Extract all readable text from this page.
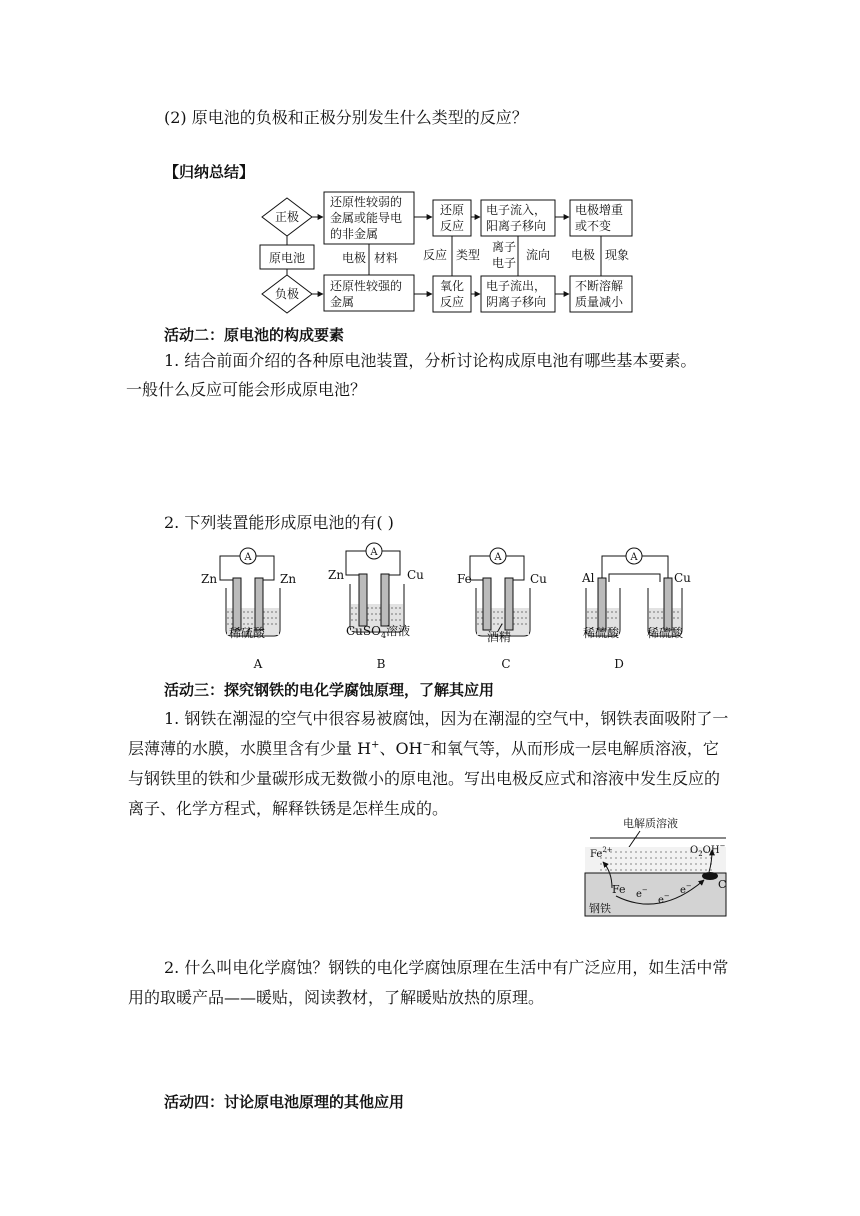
(2) 原电池的负极和正极分别发生什么类型的反应？
【归纳总结】
正极
原电池
负极
还原性较弱的
金属或能导电
的非金属
还原性较强的
金属
电极 材料
还原
反应
氧化
反应
反应 类型
电子流入，
阳离子移向
电子流出，
阴离子移向
离子
电子
流向
电极增重
或不变
不断溶解
质量减小
电极 现象
活动二：原电池的构成要素
1. 结合前面介绍的各种原电池装置，分析讨论构成原电池有哪些基本要素。
一般什么反应可能会形成原电池？
2. 下列装置能形成原电池的有( )
A
Zn	Zn
稀硫酸
A
Zn	Cu
CuSO$_4$溶液
A
Fe	Cu
酒精
A
Al	Cu
稀硫酸 稀硫酸
A	B	C	D
活动三：探究钢铁的电化学腐蚀原理，了解其应用
1. 钢铁在潮湿的空气中很容易被腐蚀，因为在潮湿的空气中，钢铁表面吸附了一层薄薄的水膜，水膜里含有少量 H+、OH−和氧气等，从而形成一层电解质溶液，它与钢铁里的铁和少量碳形成无数微小的原电池。写出电极反应式和溶液中发生反应的离子、化学方程式，解释铁锈是怎样生成的。
电解质溶液
$Fe^{2+}$	$O_2OH^-$
C
Fe e−
e− e−
钢铁
2. 什么叫电化学腐蚀？钢铁的电化学腐蚀原理在生活中有广泛应用，如生活中常用的取暖产品——暖贴，阅读教材，了解暖贴放热的原理。
活动四：讨论原电池原理的其他应用
